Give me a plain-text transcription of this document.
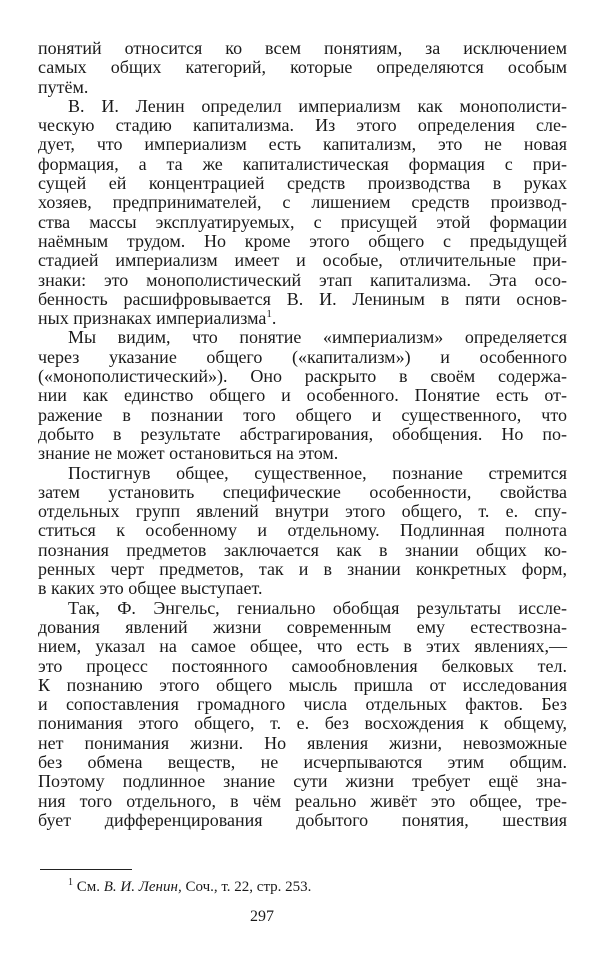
понятий относится ко всем понятиям, за исключением
самых общих категорий, которые определяются особым
путём.
В. И. Ленин определил империализм как монополисти-
ческую стадию капитализма. Из этого определения сле-
дует, что империализм есть капитализм, это не новая
формация, а та же капиталистическая формация с при-
сущей ей концентрацией средств производства в руках
хозяев, предпринимателей, с лишением средств производ-
ства массы эксплуатируемых, с присущей этой формации
наёмным трудом. Но кроме этого общего с предыдущей
стадией империализм имеет и особые, отличительные при-
знаки: это монополистический этап капитализма. Эта осо-
бенность расшифровывается В. И. Лениным в пяти основ-
ных признаках империализма$^1$.
Мы видим, что понятие «империализм» определяется
через указание общего («капитализм») и особенного
(«монополистический»). Оно раскрыто в своём содержа-
нии как единство общего и особенного. Понятие есть от-
ражение в познании того общего и существенного, что
добыто в результате абстрагирования, обобщения. Но по-
знание не может остановиться на этом.
Постигнув общее, существенное, познание стремится
затем установить специфические особенности, свойства
отдельных групп явлений внутри этого общего, т. е. спу-
ститься к особенному и отдельному. Подлинная полнота
познания предметов заключается как в знании общих ко-
ренных черт предметов, так и в знании конкретных форм,
в каких это общее выступает.
Так, Ф. Энгельс, гениально обобщая результаты иссле-
дования явлений жизни современным ему естествозна-
нием, указал на самое общее, что есть в этих явлениях,—
это процесс постоянного самообновления белковых тел.
К познанию этого общего мысль пришла от исследования
и сопоставления громадного числа отдельных фактов. Без
понимания этого общего, т. е. без восхождения к общему,
нет понимания жизни. Но явления жизни, невозможные
без обмена веществ, не исчерпываются этим общим.
Поэтому подлинное знание сути жизни требует ещё зна-
ния того отдельного, в чём реально живёт это общее, тре-
бует дифференцирования добытого понятия, шествия
$^1$ См. В. И. Ленин, Соч., т. 22, стр. 253.
297
